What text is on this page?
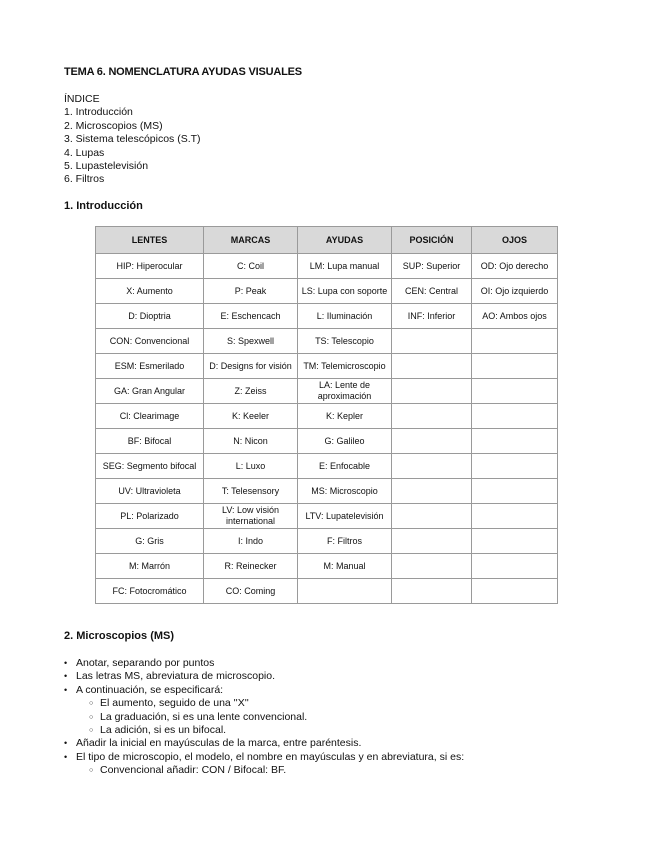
TEMA 6. NOMENCLATURA AYUDAS VISUALES
ÍNDICE
1. Introducción
2. Microscopios (MS)
3. Sistema telescópicos (S.T)
4. Lupas
5. Lupastelevisión
6. Filtros
1. Introducción
LENTES	MARCAS	AYUDAS	POSICIÓN	OJOS
HIP: Hiperocular	C: Coil	LM: Lupa manual	SUP: Superior	OD: Ojo derecho
X: Aumento	P: Peak	LS: Lupa con soporte	CEN: Central	OI: Ojo izquierdo
D: Dioptria	E: Eschencach	L: Iluminación	INF: Inferior	AO: Ambos ojos
CON: Convencional	S: Spexwell	TS: Telescopio		
ESM: Esmerilado	D: Designs for visión	TM: Telemicroscopio		
GA: Gran Angular	Z: Zeiss	LA: Lente de aproximación		
Cl: Clearimage	K: Keeler	K: Kepler		
BF: Bifocal	N: Nicon	G: Galileo		
SEG: Segmento bifocal	L: Luxo	E: Enfocable		
UV: Ultravioleta	T: Telesensory	MS: Microscopio		
PL: Polarizado	LV: Low visión international	LTV: Lupatelevisión		
G: Gris	I: Indo	F: Filtros		
M: Marrón	R: Reinecker	M: Manual		
FC: Fotocromático	CO: Coming			
2. Microscopios (MS)
• Anotar, separando por puntos
• Las letras MS, abreviatura de microscopio.
• A continuación, se especificará:
○ El aumento, seguido de una ''X''
○ La graduación, si es una lente convencional.
○ La adición, si es un bifocal.
• Añadir la inicial en mayúsculas de la marca, entre paréntesis.
• El tipo de microscopio, el modelo, el nombre en mayúsculas y en abreviatura, si es:
○ Convencional añadir: CON / Bifocal: BF.
